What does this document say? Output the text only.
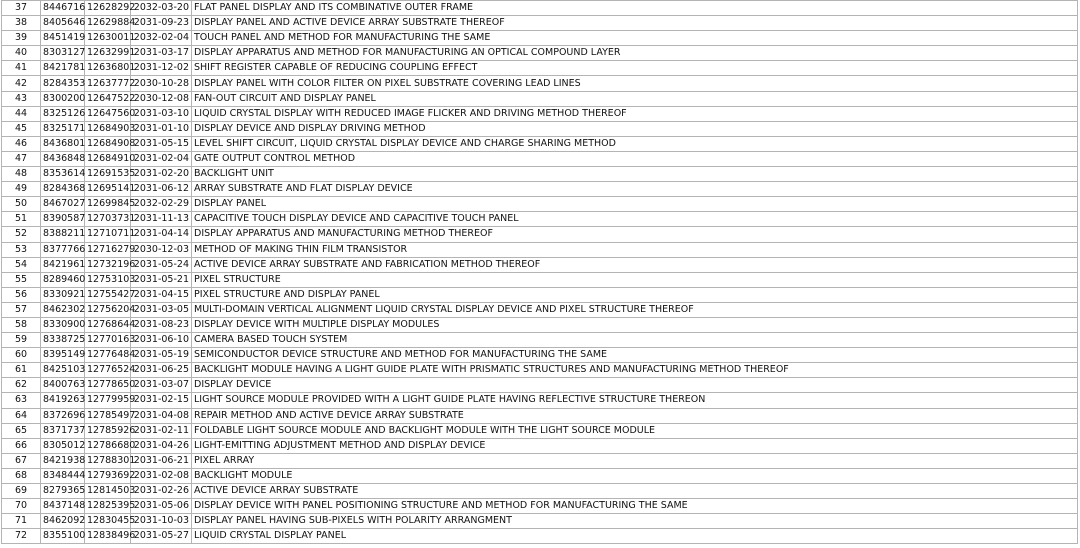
37	8446716	12628292	2032-03-20	FLAT PANEL DISPLAY AND ITS COMBINATIVE OUTER FRAME
38	8405646	12629884	2031-09-23	DISPLAY PANEL AND ACTIVE DEVICE ARRAY SUBSTRATE THEREOF
39	8451419	12630011	2032-02-04	TOUCH PANEL AND METHOD FOR MANUFACTURING THE SAME
40	8303127	12632991	2031-03-17	DISPLAY APPARATUS AND METHOD FOR MANUFACTURING AN OPTICAL COMPOUND LAYER
41	8421781	12636801	2031-12-02	SHIFT REGISTER CAPABLE OF REDUCING COUPLING EFFECT
42	8284353	12637772	2030-10-28	DISPLAY PANEL WITH COLOR FILTER ON PIXEL SUBSTRATE COVERING LEAD LINES
43	8300200	12647522	2030-12-08	FAN-OUT CIRCUIT AND DISPLAY PANEL
44	8325126	12647560	2031-03-10	LIQUID CRYSTAL DISPLAY WITH REDUCED IMAGE FLICKER AND DRIVING METHOD THEREOF
45	8325171	12684903	2031-01-10	DISPLAY DEVICE AND DISPLAY DRIVING METHOD
46	8436801	12684908	2031-05-15	LEVEL SHIFT CIRCUIT, LIQUID CRYSTAL DISPLAY DEVICE AND CHARGE SHARING METHOD
47	8436848	12684910	2031-02-04	GATE OUTPUT CONTROL METHOD
48	8353614	12691535	2031-02-20	BACKLIGHT UNIT
49	8284368	12695141	2031-06-12	ARRAY SUBSTRATE AND FLAT DISPLAY DEVICE
50	8467027	12699845	2032-02-29	DISPLAY PANEL
51	8390587	12703731	2031-11-13	CAPACITIVE TOUCH DISPLAY DEVICE AND CAPACITIVE TOUCH PANEL
52	8388211	12710711	2031-04-14	DISPLAY APPARATUS AND MANUFACTURING METHOD THEREOF
53	8377766	12716279	2030-12-03	METHOD OF MAKING THIN FILM TRANSISTOR
54	8421961	12732196	2031-05-24	ACTIVE DEVICE ARRAY SUBSTRATE AND FABRICATION METHOD THEREOF
55	8289460	12753103	2031-05-21	PIXEL STRUCTURE
56	8330921	12755427	2031-04-15	PIXEL STRUCTURE AND DISPLAY PANEL
57	8462302	12756204	2031-03-05	MULTI-DOMAIN VERTICAL ALIGNMENT LIQUID CRYSTAL DISPLAY DEVICE AND PIXEL STRUCTURE THEREOF
58	8330900	12768644	2031-08-23	DISPLAY DEVICE WITH MULTIPLE DISPLAY MODULES
59	8338725	12770163	2031-06-10	CAMERA BASED TOUCH SYSTEM
60	8395149	12776484	2031-05-19	SEMICONDUCTOR DEVICE STRUCTURE AND METHOD FOR MANUFACTURING THE SAME
61	8425103	12776524	2031-06-25	BACKLIGHT MODULE HAVING A LIGHT GUIDE PLATE WITH PRISMATIC STRUCTURES AND MANUFACTURING METHOD THEREOF
62	8400763	12778650	2031-03-07	DISPLAY DEVICE
63	8419263	12779959	2031-02-15	LIGHT SOURCE MODULE PROVIDED WITH A LIGHT GUIDE PLATE HAVING REFLECTIVE STRUCTURE THEREON
64	8372696	12785497	2031-04-08	REPAIR METHOD AND ACTIVE DEVICE ARRAY SUBSTRATE
65	8371737	12785926	2031-02-11	FOLDABLE LIGHT SOURCE MODULE AND BACKLIGHT MODULE WITH THE LIGHT SOURCE MODULE
66	8305012	12786680	2031-04-26	LIGHT-EMITTING ADJUSTMENT METHOD AND DISPLAY DEVICE
67	8421938	12788301	2031-06-21	PIXEL ARRAY
68	8348444	12793692	2031-02-08	BACKLIGHT MODULE
69	8279365	12814503	2031-02-26	ACTIVE DEVICE ARRAY SUBSTRATE
70	8437148	12825395	2031-05-06	DISPLAY DEVICE WITH PANEL POSITIONING STRUCTURE AND METHOD FOR MANUFACTURING THE SAME
71	8462092	12830455	2031-10-03	DISPLAY PANEL HAVING SUB-PIXELS WITH POLARITY ARRANGMENT
72	8355100	12838496	2031-05-27	LIQUID CRYSTAL DISPLAY PANEL
